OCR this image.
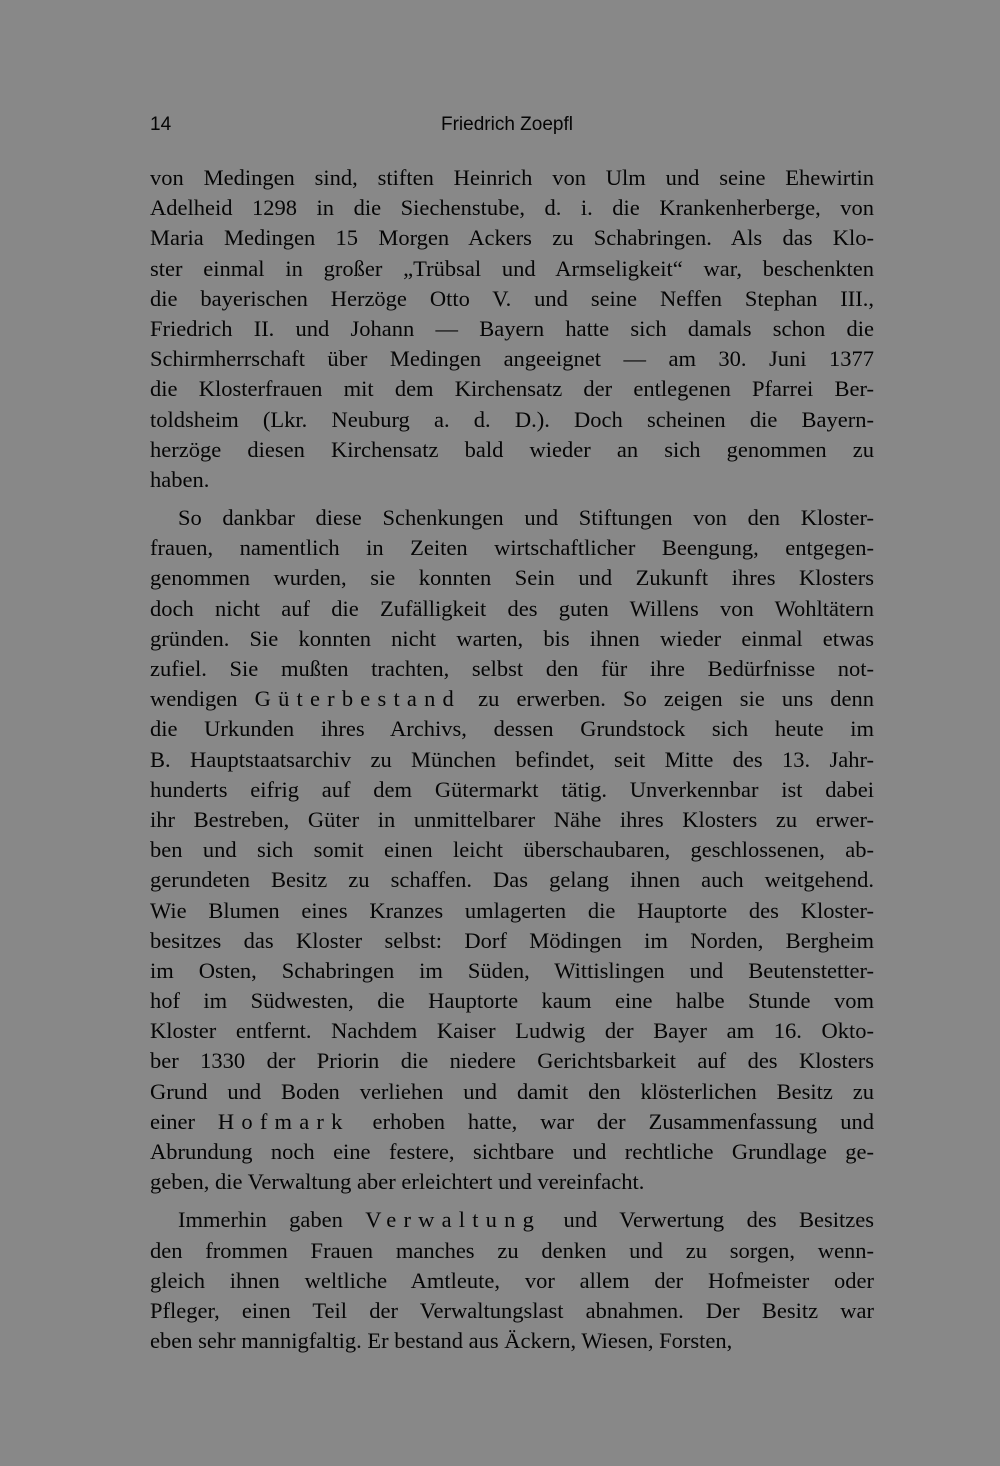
14	Friedrich Zoepfl
von Medingen sind, stiften Heinrich von Ulm und seine Ehewirtin
Adelheid 1298 in die Siechenstube, d. i. die Krankenherberge, von
Maria Medingen 15 Morgen Ackers zu Schabringen. Als das Klo-
ster einmal in großer „Trübsal und Armseligkeit“ war, beschenkten
die bayerischen Herzöge Otto V. und seine Neffen Stephan III.,
Friedrich II. und Johann — Bayern hatte sich damals schon die
Schirmherrschaft über Medingen angeeignet — am 30. Juni 1377
die Klosterfrauen mit dem Kirchensatz der entlegenen Pfarrei Ber-
toldsheim (Lkr. Neuburg a. d. D.). Doch scheinen die Bayern-
herzöge diesen Kirchensatz bald wieder an sich genommen zu
haben.
So dankbar diese Schenkungen und Stiftungen von den Kloster-
frauen, namentlich in Zeiten wirtschaftlicher Beengung, entgegen-
genommen wurden, sie konnten Sein und Zukunft ihres Klosters
doch nicht auf die Zufälligkeit des guten Willens von Wohltätern
gründen. Sie konnten nicht warten, bis ihnen wieder einmal etwas
zufiel. Sie mußten trachten, selbst den für ihre Bedürfnisse not-
wendigen Güterbestand zu erwerben. So zeigen sie uns denn
die Urkunden ihres Archivs, dessen Grundstock sich heute im
B. Hauptstaatsarchiv zu München befindet, seit Mitte des 13. Jahr-
hunderts eifrig auf dem Gütermarkt tätig. Unverkennbar ist dabei
ihr Bestreben, Güter in unmittelbarer Nähe ihres Klosters zu erwer-
ben und sich somit einen leicht überschaubaren, geschlossenen, ab-
gerundeten Besitz zu schaffen. Das gelang ihnen auch weitgehend.
Wie Blumen eines Kranzes umlagerten die Hauptorte des Kloster-
besitzes das Kloster selbst: Dorf Mödingen im Norden, Bergheim
im Osten, Schabringen im Süden, Wittislingen und Beutenstetter-
hof im Südwesten, die Hauptorte kaum eine halbe Stunde vom
Kloster entfernt. Nachdem Kaiser Ludwig der Bayer am 16. Okto-
ber 1330 der Priorin die niedere Gerichtsbarkeit auf des Klosters
Grund und Boden verliehen und damit den klösterlichen Besitz zu
einer Hofmark erhoben hatte, war der Zusammenfassung und
Abrundung noch eine festere, sichtbare und rechtliche Grundlage ge-
geben, die Verwaltung aber erleichtert und vereinfacht.
Immerhin gaben Verwaltung und Verwertung des Besitzes
den frommen Frauen manches zu denken und zu sorgen, wenn-
gleich ihnen weltliche Amtleute, vor allem der Hofmeister oder
Pfleger, einen Teil der Verwaltungslast abnahmen. Der Besitz war
eben sehr mannigfaltig. Er bestand aus Äckern, Wiesen, Forsten,
